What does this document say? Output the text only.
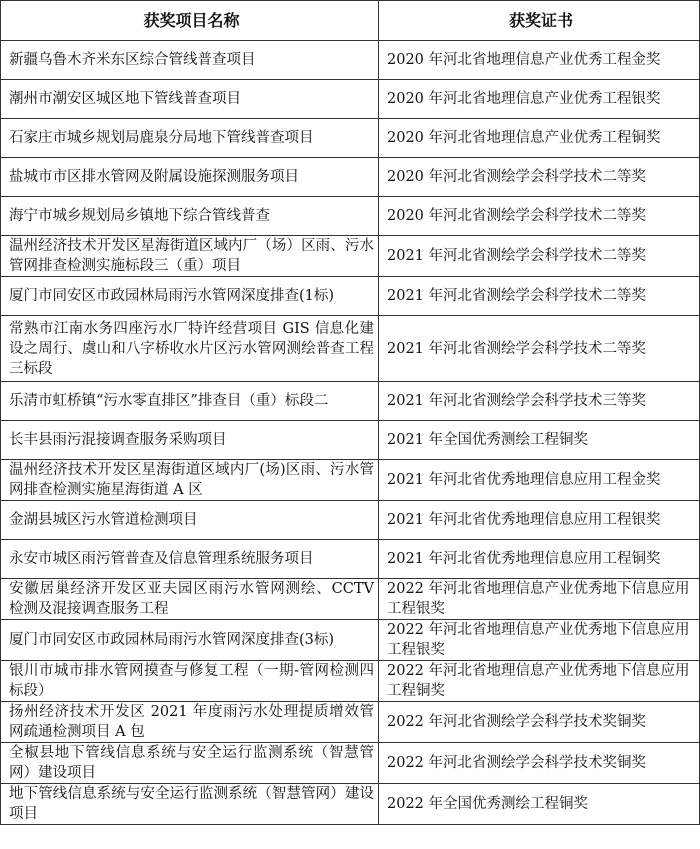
获奖项目名称	获奖证书
新疆乌鲁木齐米东区综合管线普查项目	2020 年河北省地理信息产业优秀工程金奖
潮州市潮安区城区地下管线普查项目	2020 年河北省地理信息产业优秀工程银奖
石家庄市城乡规划局鹿泉分局地下管线普查项目	2020 年河北省地理信息产业优秀工程铜奖
盐城市市区排水管网及附属设施探测服务项目	2020 年河北省测绘学会科学技术二等奖
海宁市城乡规划局乡镇地下综合管线普查	2020 年河北省测绘学会科学技术二等奖
温州经济技术开发区星海街道区域内厂（场）区雨、污水管网排查检测实施标段三（重）项目	2021 年河北省测绘学会科学技术二等奖
厦门市同安区市政园林局雨污水管网深度排查(1标)	2021 年河北省测绘学会科学技术二等奖
常熟市江南水务四座污水厂特许经营项目 GIS 信息化建设之周行、虞山和八字桥收水片区污水管网测绘普查工程三标段	2021 年河北省测绘学会科学技术二等奖
乐清市虹桥镇“污水零直排区”排查目（重）标段二	2021 年河北省测绘学会科学技术三等奖
长丰县雨污混接调查服务采购项目	2021 年全国优秀测绘工程铜奖
温州经济技术开发区星海街道区域内厂(场)区雨、污水管网排查检测实施星海街道 A 区	2021 年河北省优秀地理信息应用工程金奖
金湖县城区污水管道检测项目	2021 年河北省优秀地理信息应用工程银奖
永安市城区雨污管普查及信息管理系统服务项目	2021 年河北省优秀地理信息应用工程铜奖
安徽居巢经济开发区亚夫园区雨污水管网测绘、CCTV 检测及混接调查服务工程	2022 年河北省地理信息产业优秀地下信息应用工程银奖
厦门市同安区市政园林局雨污水管网深度排查(3标)	2022 年河北省地理信息产业优秀地下信息应用工程银奖
银川市城市排水管网摸查与修复工程（一期-管网检测四标段）	2022 年河北省地理信息产业优秀地下信息应用工程铜奖
扬州经济技术开发区 2021 年度雨污水处理提质增效管网疏通检测项目 A 包	2022 年河北省测绘学会科学技术奖铜奖
全椒县地下管线信息系统与安全运行监测系统（智慧管网）建设项目	2022 年河北省测绘学会科学技术奖铜奖
地下管线信息系统与安全运行监测系统（智慧管网）建设项目	2022 年全国优秀测绘工程铜奖
